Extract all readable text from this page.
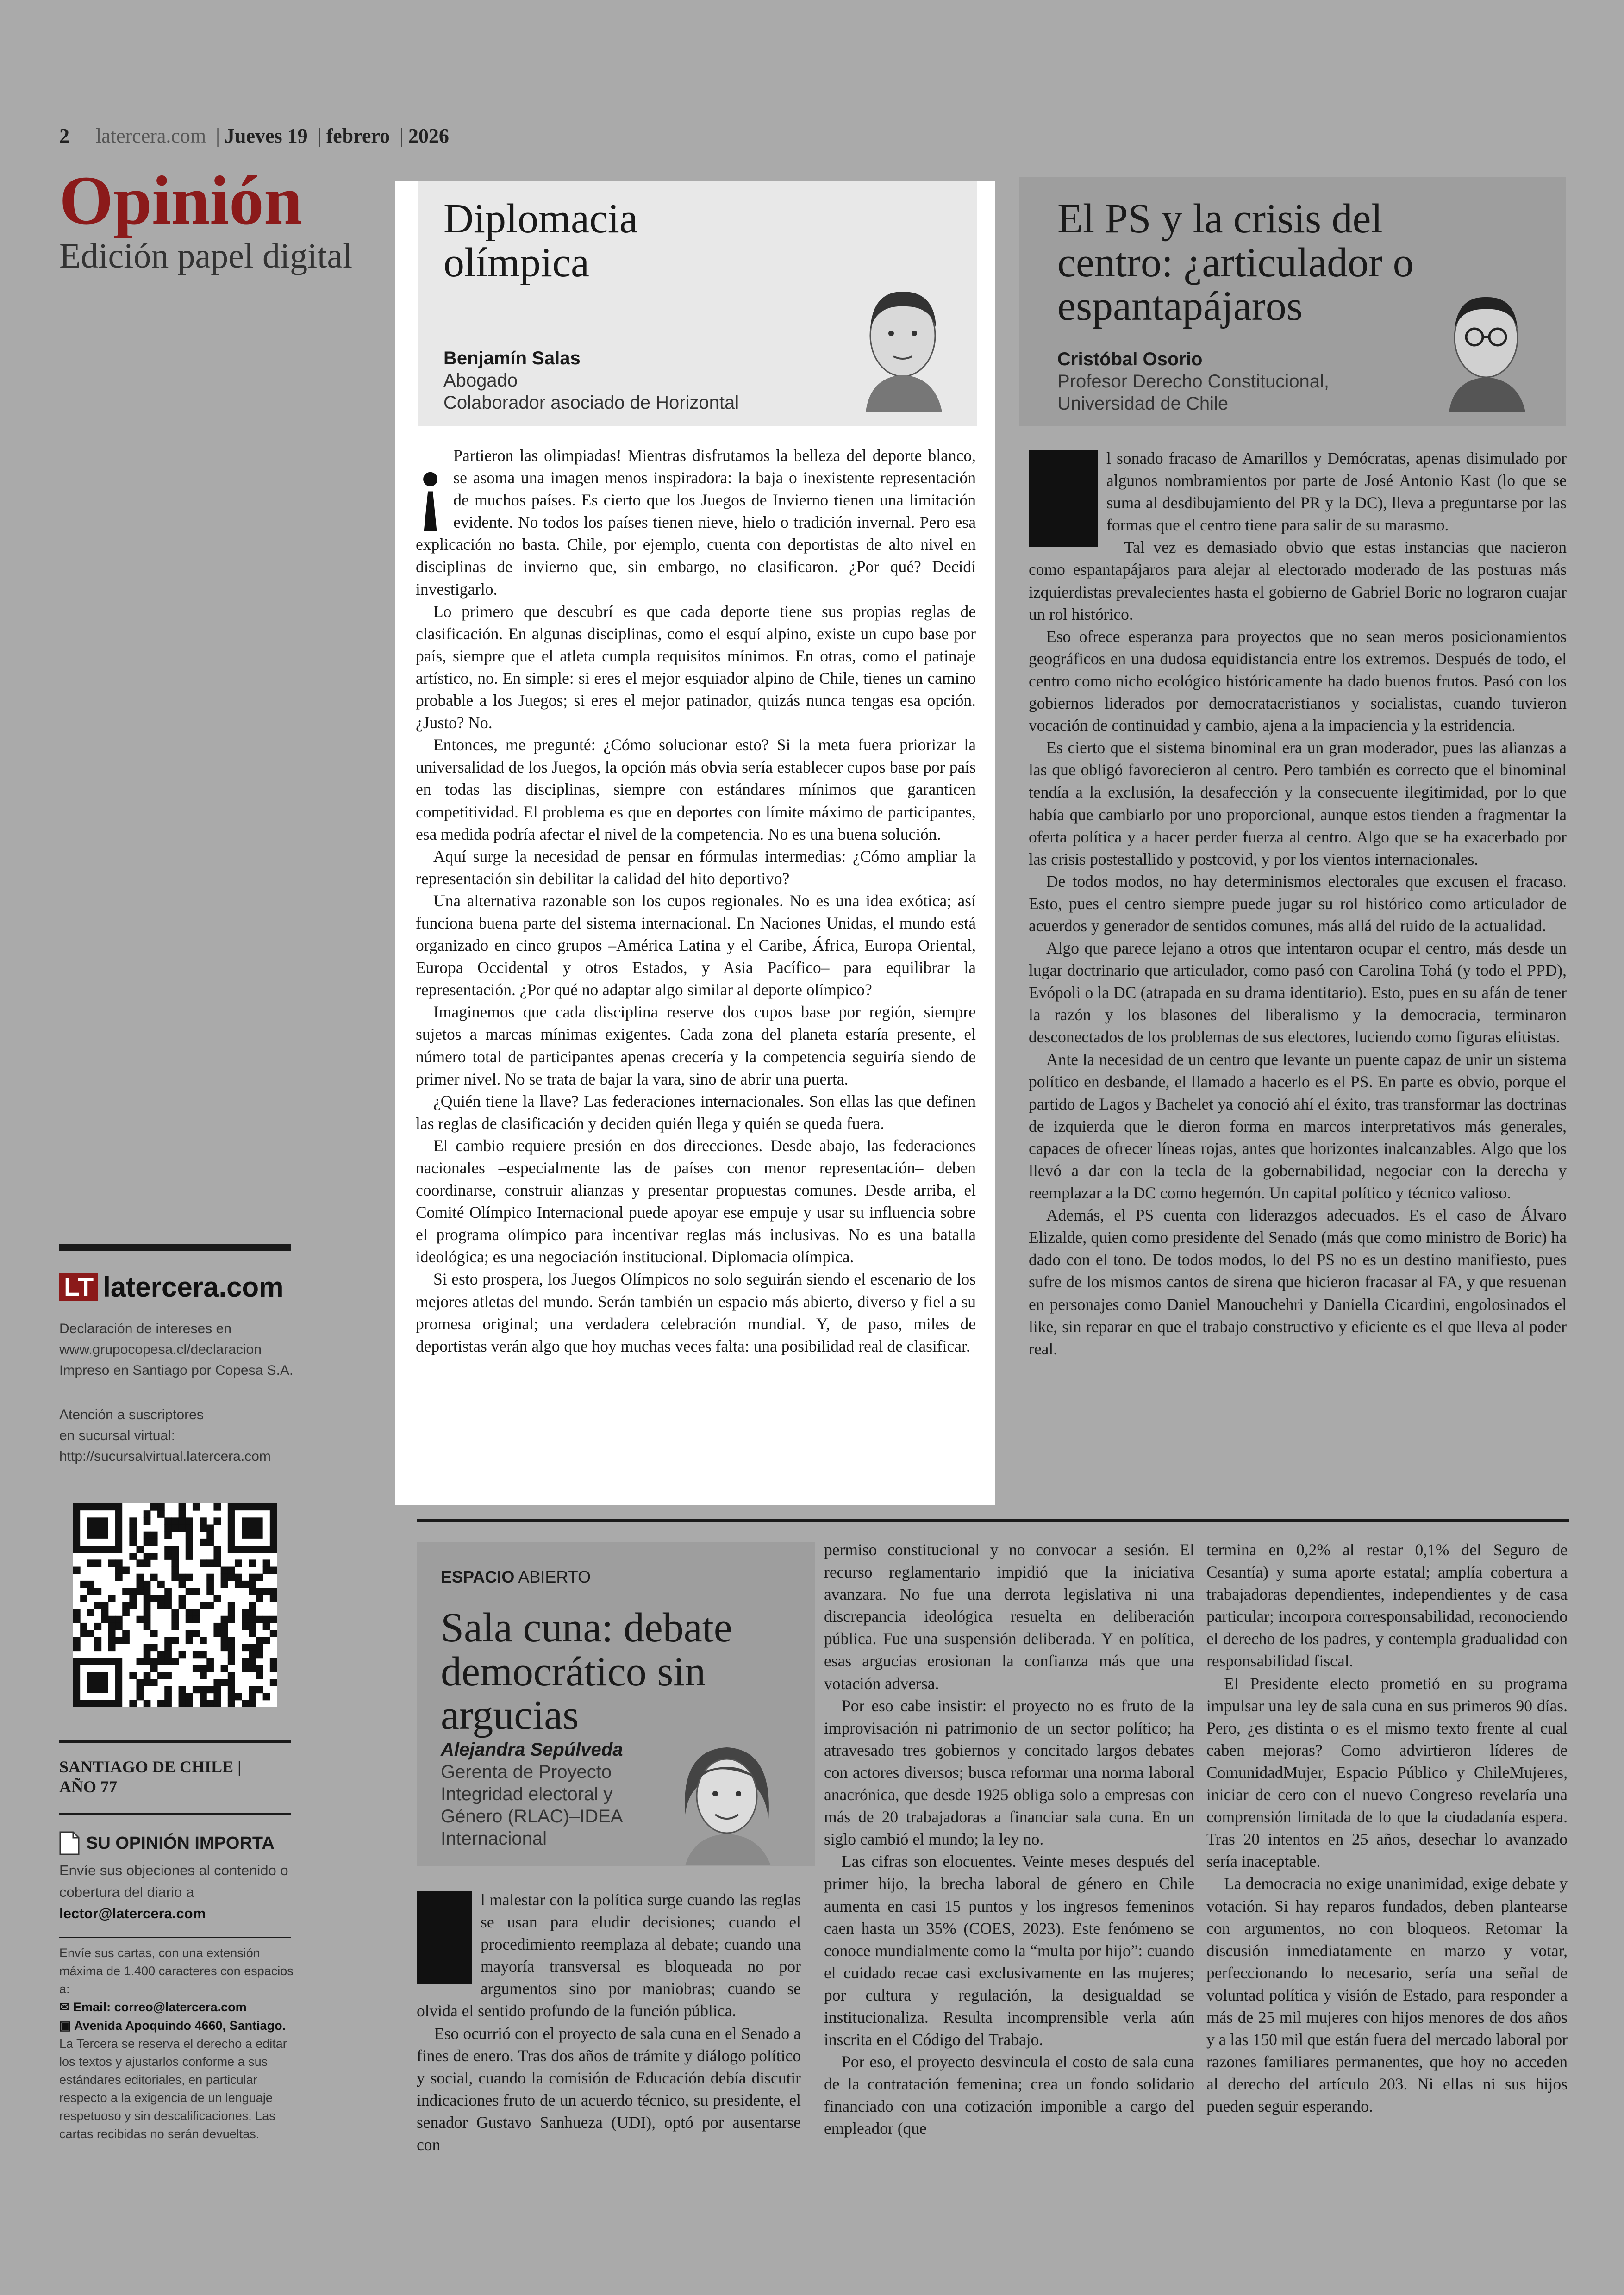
2 latercera.com | Jueves 19 | febrero | 2026
Opinión
Edición papel digital
Diplomacia
olímpica
Benjamín Salas
Abogado
Colaborador asociado de Horizontal
¡ Partieron las olimpiadas! Mientras disfrutamos la belleza del deporte blanco, se asoma una imagen menos inspiradora: la baja o inexistente representación de muchos países. Es cierto que los Juegos de Invierno tienen una limitación evidente. No todos los países tienen nieve, hielo o tradición invernal. Pero esa explicación no basta. Chile, por ejemplo, cuenta con deportistas de alto nivel en disciplinas de invierno que, sin embargo, no clasificaron. ¿Por qué? Decidí investigarlo.

Lo primero que descubrí es que cada deporte tiene sus propias reglas de clasificación. En algunas disciplinas, como el esquí alpino, existe un cupo base por país, siempre que el atleta cumpla requisitos mínimos. En otras, como el patinaje artístico, no. En simple: si eres el mejor esquiador alpino de Chile, tienes un camino probable a los Juegos; si eres el mejor patinador, quizás nunca tengas esa opción. ¿Justo? No.

Entonces, me pregunté: ¿Cómo solucionar esto? Si la meta fuera priorizar la universalidad de los Juegos, la opción más obvia sería establecer cupos base por país en todas las disciplinas, siempre con estándares mínimos que garanticen competitividad. El problema es que en deportes con límite máximo de participantes, esa medida podría afectar el nivel de la competencia. No es una buena solución.

Aquí surge la necesidad de pensar en fórmulas intermedias: ¿Cómo ampliar la representación sin debilitar la calidad del hito deportivo?

Una alternativa razonable son los cupos regionales. No es una idea exótica; así funciona buena parte del sistema internacional. En Naciones Unidas, el mundo está organizado en cinco grupos –América Latina y el Caribe, África, Europa Oriental, Europa Occidental y otros Estados, y Asia Pacífico– para equilibrar la representación. ¿Por qué no adaptar algo similar al deporte olímpico?

Imaginemos que cada disciplina reserve dos cupos base por región, siempre sujetos a marcas mínimas exigentes. Cada zona del planeta estaría presente, el número total de participantes apenas crecería y la competencia seguiría siendo de primer nivel. No se trata de bajar la vara, sino de abrir una puerta.

¿Quién tiene la llave? Las federaciones internacionales. Son ellas las que definen las reglas de clasificación y deciden quién llega y quién se queda fuera.

El cambio requiere presión en dos direcciones. Desde abajo, las federaciones nacionales –especialmente las de países con menor representación– deben coordinarse, construir alianzas y presentar propuestas comunes. Desde arriba, el Comité Olímpico Internacional puede apoyar ese empuje y usar su influencia sobre el programa olímpico para incentivar reglas más inclusivas. No es una batalla ideológica; es una negociación institucional. Diplomacia olímpica.

Si esto prospera, los Juegos Olímpicos no solo seguirán siendo el escenario de los mejores atletas del mundo. Serán también un espacio más abierto, diverso y fiel a su promesa original; una verdadera celebración mundial. Y, de paso, miles de deportistas verán algo que hoy muchas veces falta: una posibilidad real de clasificar.

El PS y la crisis del
centro: ¿articulador o
espantapájaros
Cristóbal Osorio
Profesor Derecho Constitucional,
Universidad de Chile

l sonado fracaso de Amarillos y Demócratas, apenas disimulado por algunos nombramientos por parte de José Antonio Kast (lo que se suma al desdibujamiento del PR y la DC), lleva a preguntarse por las formas que el centro tiene para salir de su marasmo.

Tal vez es demasiado obvio que estas instancias que nacieron como espantapájaros para alejar al electorado moderado de las posturas más izquierdistas prevalecientes hasta el gobierno de Gabriel Boric no lograron cuajar un rol histórico.

Eso ofrece esperanza para proyectos que no sean meros posicionamientos geográficos en una dudosa equidistancia entre los extremos. Después de todo, el centro como nicho ecológico históricamente ha dado buenos frutos. Pasó con los gobiernos liderados por democratacristianos y socialistas, cuando tuvieron vocación de continuidad y cambio, ajena a la impaciencia y la estridencia.

Es cierto que el sistema binominal era un gran moderador, pues las alianzas a las que obligó favorecieron al centro. Pero también es correcto que el binominal tendía a la exclusión, la desafección y la consecuente ilegitimidad, por lo que había que cambiarlo por uno proporcional, aunque estos tienden a fragmentar la oferta política y a hacer perder fuerza al centro. Algo que se ha exacerbado por las crisis postestallido y postcovid, y por los vientos internacionales.

De todos modos, no hay determinismos electorales que excusen el fracaso. Esto, pues el centro siempre puede jugar su rol histórico como articulador de acuerdos y generador de sentidos comunes, más allá del ruido de la actualidad.

Algo que parece lejano a otros que intentaron ocupar el centro, más desde un lugar doctrinario que articulador, como pasó con Carolina Tohá (y todo el PPD), Evópoli o la DC (atrapada en su drama identitario). Esto, pues en su afán de tener la razón y los blasones del liberalismo y la democracia, terminaron desconectados de los problemas de sus electores, luciendo como figuras elitistas.

Ante la necesidad de un centro que levante un puente capaz de unir un sistema político en desbande, el llamado a hacerlo es el PS. En parte es obvio, porque el partido de Lagos y Bachelet ya conoció ahí el éxito, tras transformar las doctrinas de izquierda que le dieron forma en marcos interpretativos más generales, capaces de ofrecer líneas rojas, antes que horizontes inalcanzables. Algo que los llevó a dar con la tecla de la gobernabilidad, negociar con la derecha y reemplazar a la DC como hegemón. Un capital político y técnico valioso.

Además, el PS cuenta con liderazgos adecuados. Es el caso de Álvaro Elizalde, quien como presidente del Senado (más que como ministro de Boric) ha dado con el tono. De todos modos, lo del PS no es un destino manifiesto, pues sufre de los mismos cantos de sirena que hicieron fracasar al FA, y que resuenan en personajes como Daniel Manouchehri y Daniella Cicardini, engolosinados el like, sin reparar en que el trabajo constructivo y eficiente es el que lleva al poder real.

ESPACIO ABIERTO
Sala cuna: debate
democrático sin
argucias
Alejandra Sepúlveda
Gerenta de Proyecto
Integridad electoral y
Género (RLAC)–IDEA
Internacional

l malestar con la política surge cuando las reglas se usan para eludir decisiones; cuando el procedimiento reemplaza al debate; cuando una mayoría transversal es bloqueada no por argumentos sino por maniobras; cuando se olvida el sentido profundo de la función pública.

Eso ocurrió con el proyecto de sala cuna en el Senado a fines de enero. Tras dos años de trámite y diálogo político y social, cuando la comisión de Educación debía discutir indicaciones fruto de un acuerdo técnico, su presidente, el senador Gustavo Sanhueza (UDI), optó por ausentarse con

permiso constitucional y no convocar a sesión. El recurso reglamentario impidió que la iniciativa avanzara. No fue una derrota legislativa ni una discrepancia ideológica resuelta en deliberación pública. Fue una suspensión deliberada. Y en política, esas argucias erosionan la confianza más que una votación adversa.

Por eso cabe insistir: el proyecto no es fruto de la improvisación ni patrimonio de un sector político; ha atravesado tres gobiernos y concitado largos debates con actores diversos; busca reformar una norma laboral anacrónica, que desde 1925 obliga solo a empresas con más de 20 trabajadoras a financiar sala cuna. En un siglo cambió el mundo; la ley no.

Las cifras son elocuentes. Veinte meses después del primer hijo, la brecha laboral de género en Chile aumenta en casi 15 puntos y los ingresos femeninos caen hasta un 35% (COES, 2023). Este fenómeno se conoce mundialmente como la “multa por hijo”: cuando el cuidado recae casi exclusivamente en las mujeres; por cultura y regulación, la desigualdad se institucionaliza. Resulta incomprensible verla aún inscrita en el Código del Trabajo.

Por eso, el proyecto desvincula el costo de sala cuna de la contratación femenina; crea un fondo solidario financiado con una cotización imponible a cargo del empleador (que

termina en 0,2% al restar 0,1% del Seguro de Cesantía) y suma aporte estatal; amplía cobertura a trabajadoras dependientes, independientes y de casa particular; incorpora corresponsabilidad, reconociendo el derecho de los padres, y contempla gradualidad con responsabilidad fiscal.

El Presidente electo prometió en su programa impulsar una ley de sala cuna en sus primeros 90 días. Pero, ¿es distinta o es el mismo texto frente al cual caben mejoras? Como advirtieron líderes de ComunidadMujer, Espacio Público y ChileMujeres, iniciar de cero con el nuevo Congreso revelaría una comprensión limitada de lo que la ciudadanía espera. Tras 20 intentos en 25 años, desechar lo avanzado sería inaceptable.

La democracia no exige unanimidad, exige debate y votación. Si hay reparos fundados, deben plantearse con argumentos, no con bloqueos. Retomar la discusión inmediatamente en marzo y votar, perfeccionando lo necesario, sería una señal de voluntad política y visión de Estado, para responder a más de 25 mil mujeres con hijos menores de dos años y a las 150 mil que están fuera del mercado laboral por razones familiares permanentes, que hoy no acceden al derecho del artículo 203. Ni ellas ni sus hijos pueden seguir esperando.

LT latercera.com
Declaración de intereses en
www.grupocopesa.cl/declaracion
Impreso en Santiago por Copesa S.A.
Atención a suscriptores
en sucursal virtual:
http://sucursalvirtual.latercera.com
SANTIAGO DE CHILE |
AÑO 77
SU OPINIÓN IMPORTA
Envíe sus objeciones al contenido o cobertura del diario a
lector@latercera.com
Envíe sus cartas, con una extensión máxima de 1.400 caracteres con espacios a:
✉ Email: correo@latercera.com
▣ Avenida Apoquindo 4660, Santiago.
La Tercera se reserva el derecho a editar los textos y ajustarlos conforme a sus estándares editoriales, en particular respecto a la exigencia de un lenguaje respetuoso y sin descalificaciones. Las cartas recibidas no serán devueltas.
